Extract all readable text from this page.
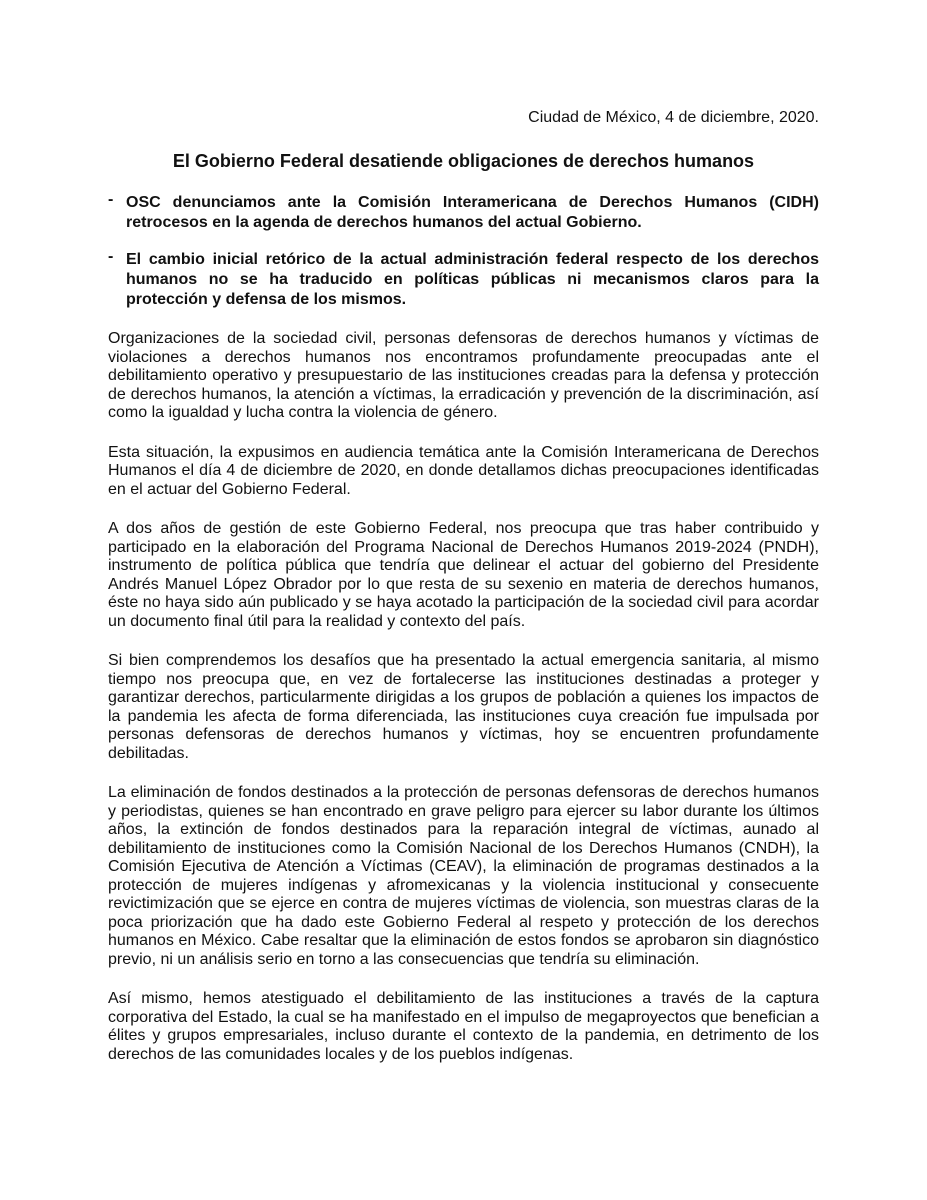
Ciudad de México, 4 de diciembre, 2020.
El Gobierno Federal desatiende obligaciones de derechos humanos
- OSC denunciamos ante la Comisión Interamericana de Derechos Humanos (CIDH) retrocesos en la agenda de derechos humanos del actual Gobierno.
- El cambio inicial retórico de la actual administración federal respecto de los derechos humanos no se ha traducido en políticas públicas ni mecanismos claros para la protección y defensa de los mismos.

Organizaciones de la sociedad civil, personas defensoras de derechos humanos y víctimas de violaciones a derechos humanos nos encontramos profundamente preocupadas ante el debilitamiento operativo y presupuestario de las instituciones creadas para la defensa y protección de derechos humanos, la atención a víctimas, la erradicación y prevención de la discriminación, así como la igualdad y lucha contra la violencia de género.

Esta situación, la expusimos en audiencia temática ante la Comisión Interamericana de Derechos Humanos el día 4 de diciembre de 2020, en donde detallamos dichas preocupaciones identificadas en el actuar del Gobierno Federal.

A dos años de gestión de este Gobierno Federal, nos preocupa que tras haber contribuido y participado en la elaboración del Programa Nacional de Derechos Humanos 2019-2024 (PNDH), instrumento de política pública que tendría que delinear el actuar del gobierno del Presidente Andrés Manuel López Obrador por lo que resta de su sexenio en materia de derechos humanos, éste no haya sido aún publicado y se haya acotado la participación de la sociedad civil para acordar un documento final útil para la realidad y contexto del país.

Si bien comprendemos los desafíos que ha presentado la actual emergencia sanitaria, al mismo tiempo nos preocupa que, en vez de fortalecerse las instituciones destinadas a proteger y garantizar derechos, particularmente dirigidas a los grupos de población a quienes los impactos de la pandemia les afecta de forma diferenciada, las instituciones cuya creación fue impulsada por personas defensoras de derechos humanos y víctimas, hoy se encuentren profundamente debilitadas.

La eliminación de fondos destinados a la protección de personas defensoras de derechos humanos y periodistas, quienes se han encontrado en grave peligro para ejercer su labor durante los últimos años, la extinción de fondos destinados para la reparación integral de víctimas, aunado al debilitamiento de instituciones como la Comisión Nacional de los Derechos Humanos (CNDH), la Comisión Ejecutiva de Atención a Víctimas (CEAV), la eliminación de programas destinados a la protección de mujeres indígenas y afromexicanas y la violencia institucional y consecuente revictimización que se ejerce en contra de mujeres víctimas de violencia, son muestras claras de la poca priorización que ha dado este Gobierno Federal al respeto y protección de los derechos humanos en México. Cabe resaltar que la eliminación de estos fondos se aprobaron sin diagnóstico previo, ni un análisis serio en torno a las consecuencias que tendría su eliminación.

Así mismo, hemos atestiguado el debilitamiento de las instituciones a través de la captura corporativa del Estado, la cual se ha manifestado en el impulso de megaproyectos que benefician a élites y grupos empresariales, incluso durante el contexto de la pandemia, en detrimento de los derechos de las comunidades locales y de los pueblos indígenas.
